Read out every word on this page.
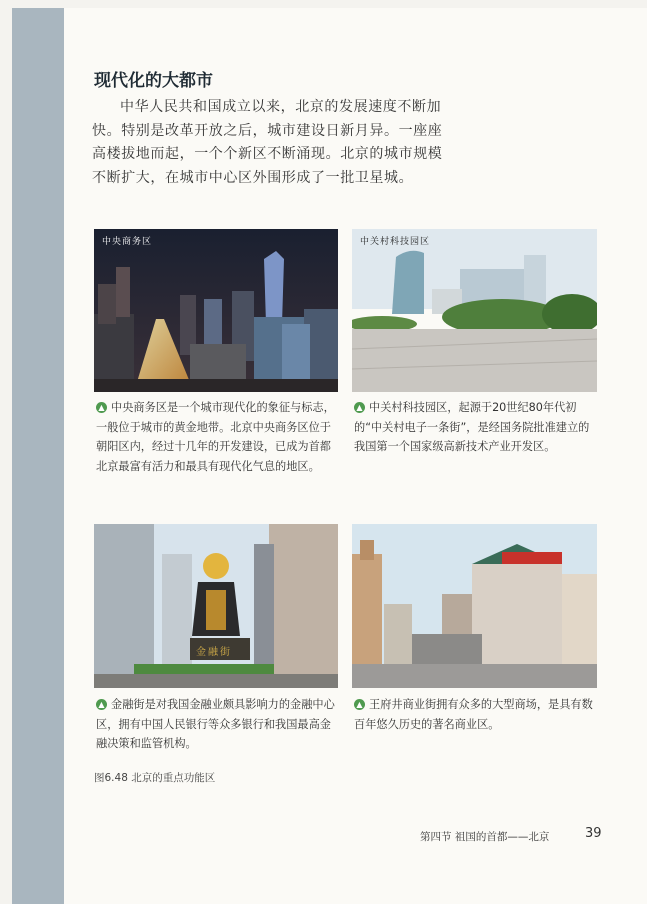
现代化的大都市
中华人民共和国成立以来，北京的发展速度不断加快。特别是改革开放之后，城市建设日新月异。一座座高楼拔地而起，一个个新区不断涌现。北京的城市规模不断扩大，在城市中心区外围形成了一批卫星城。
中央商务区	中关村科技园区
▲ 中央商务区是一个城市现代化的象征与标志，一般位于城市的黄金地带。北京中央商务区位于朝阳区内，经过十几年的开发建设，已成为首都北京最富有活力和最具有现代化气息的地区。
▲ 中关村科技园区，起源于20世纪80年代初的“中关村电子一条街”，是经国务院批准建立的我国第一个国家级高新技术产业开发区。
金融街
▲ 金融街是对我国金融业颇具影响力的金融中心区，拥有中国人民银行等众多银行和我国最高金融决策和监管机构。
▲ 王府井商业街拥有众多的大型商场，是具有数百年悠久历史的著名商业区。
图6.48 北京的重点功能区
第四节 祖国的首都——北京	39
